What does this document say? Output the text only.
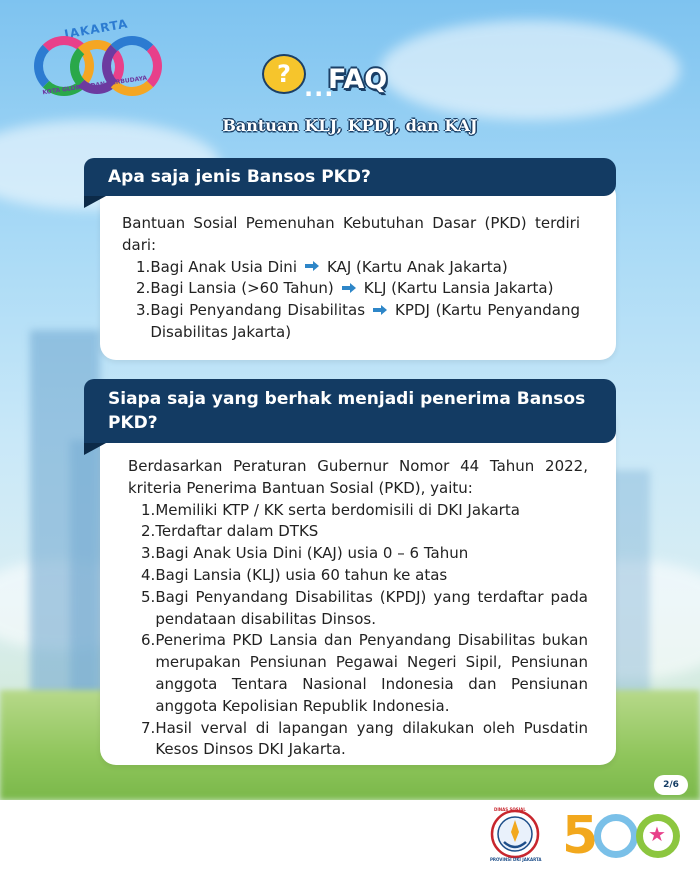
JAKARTA
KOTA GLOBAL DAN BERBUDAYA	? ...
FAQ
Bantuan KLJ, KPDJ, dan KAJ
Apa saja jenis Bansos PKD?
Bantuan Sosial Pemenuhan Kebutuhan Dasar (PKD) terdiri dari:
1. Bagi Anak Usia Dini KAJ (Kartu Anak Jakarta)
2. Bagi Lansia (>60 Tahun) KLJ (Kartu Lansia Jakarta)
3. Bagi Penyandang Disabilitas KPDJ (Kartu Penyandang Disabilitas Jakarta)
Siapa saja yang berhak menjadi penerima Bansos PKD?
Berdasarkan Peraturan Gubernur Nomor 44 Tahun 2022, kriteria Penerima Bantuan Sosial (PKD), yaitu:
1. Memiliki KTP / KK serta berdomisili di DKI Jakarta
2. Terdaftar dalam DTKS
3. Bagi Anak Usia Dini (KAJ) usia 0 – 6 Tahun
4. Bagi Lansia (KLJ) usia 60 tahun ke atas
5. Bagi Penyandang Disabilitas (KPDJ) yang terdaftar pada pendataan disabilitas Dinsos.
6. Penerima PKD Lansia dan Penyandang Disabilitas bukan merupakan Pensiunan Pegawai Negeri Sipil, Pensiunan anggota Tentara Nasional Indonesia dan Pensiunan anggota Kepolisian Republik Indonesia.
7. Hasil verval di lapangan yang dilakukan oleh Pusdatin Kesos Dinsos DKI Jakarta.
2/6
DINAS SOSIAL
PROVINSI DKI JAKARTA 5 ★
